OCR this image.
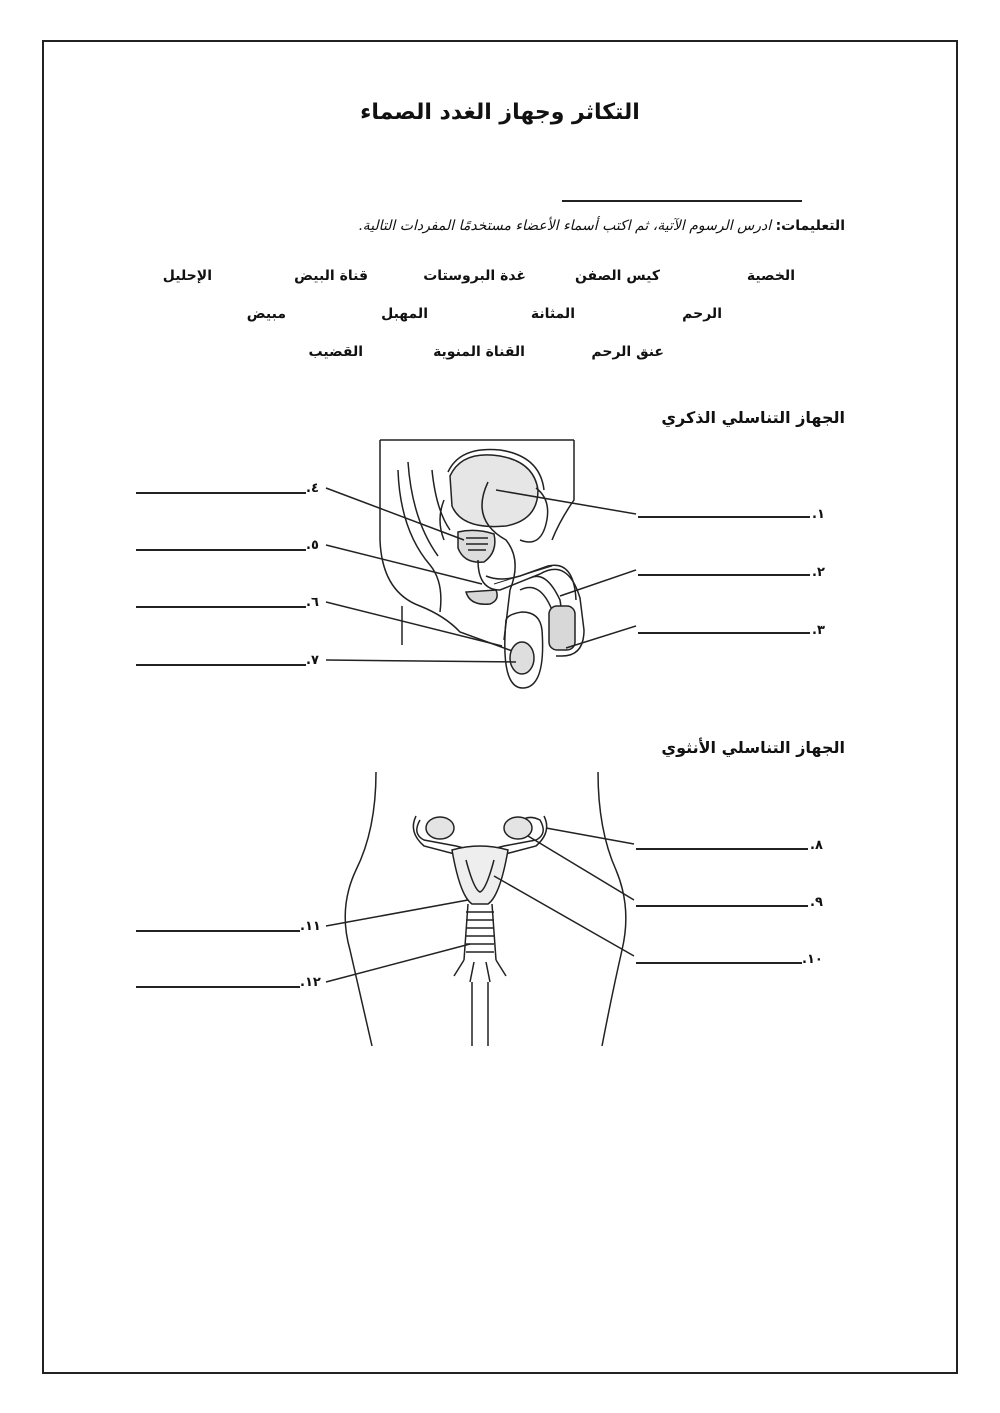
التكاثر وجهاز الغدد الصماء
التعليمات: ادرس الرسوم الآتية، ثم اكتب أسماء الأعضاء مستخدمًا المفردات التالية.
الخصية
كيس الصفن
غدة البروستات
قناة البيض
الإحليل
الرحم
المثانة
المهبل
مبيض
عنق الرحم
القناة المنوية
القضيب
الجهاز التناسلي الذكري
الجهاز التناسلي الأنثوي
١.
٢.
٣.
٤.
٥.
٦.
٧.
٨.
٩.
١٠.
١١.
١٢.
